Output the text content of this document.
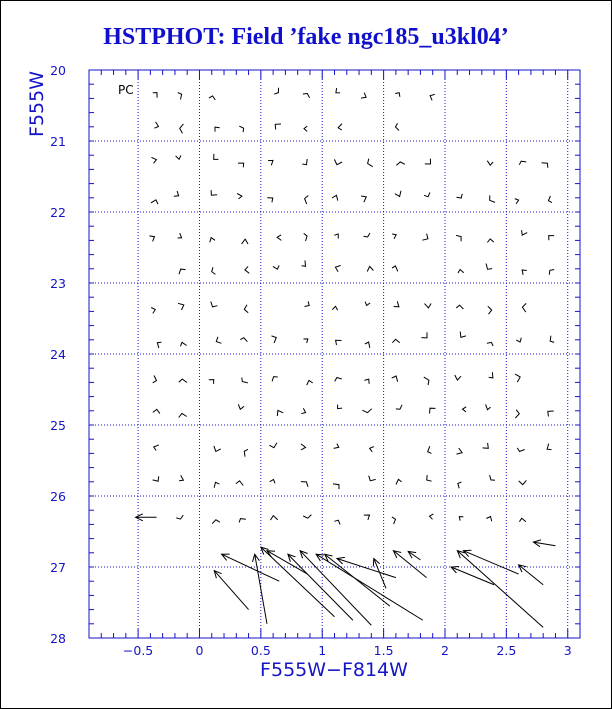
HSTPHOT: Field ’fake ngc185_u3kl04’
−0.5	0	0.5	1	1.5	2	2.5	3
20
21
22
23
24
25
26
27
28
F555W−F814W
F555W	PC
